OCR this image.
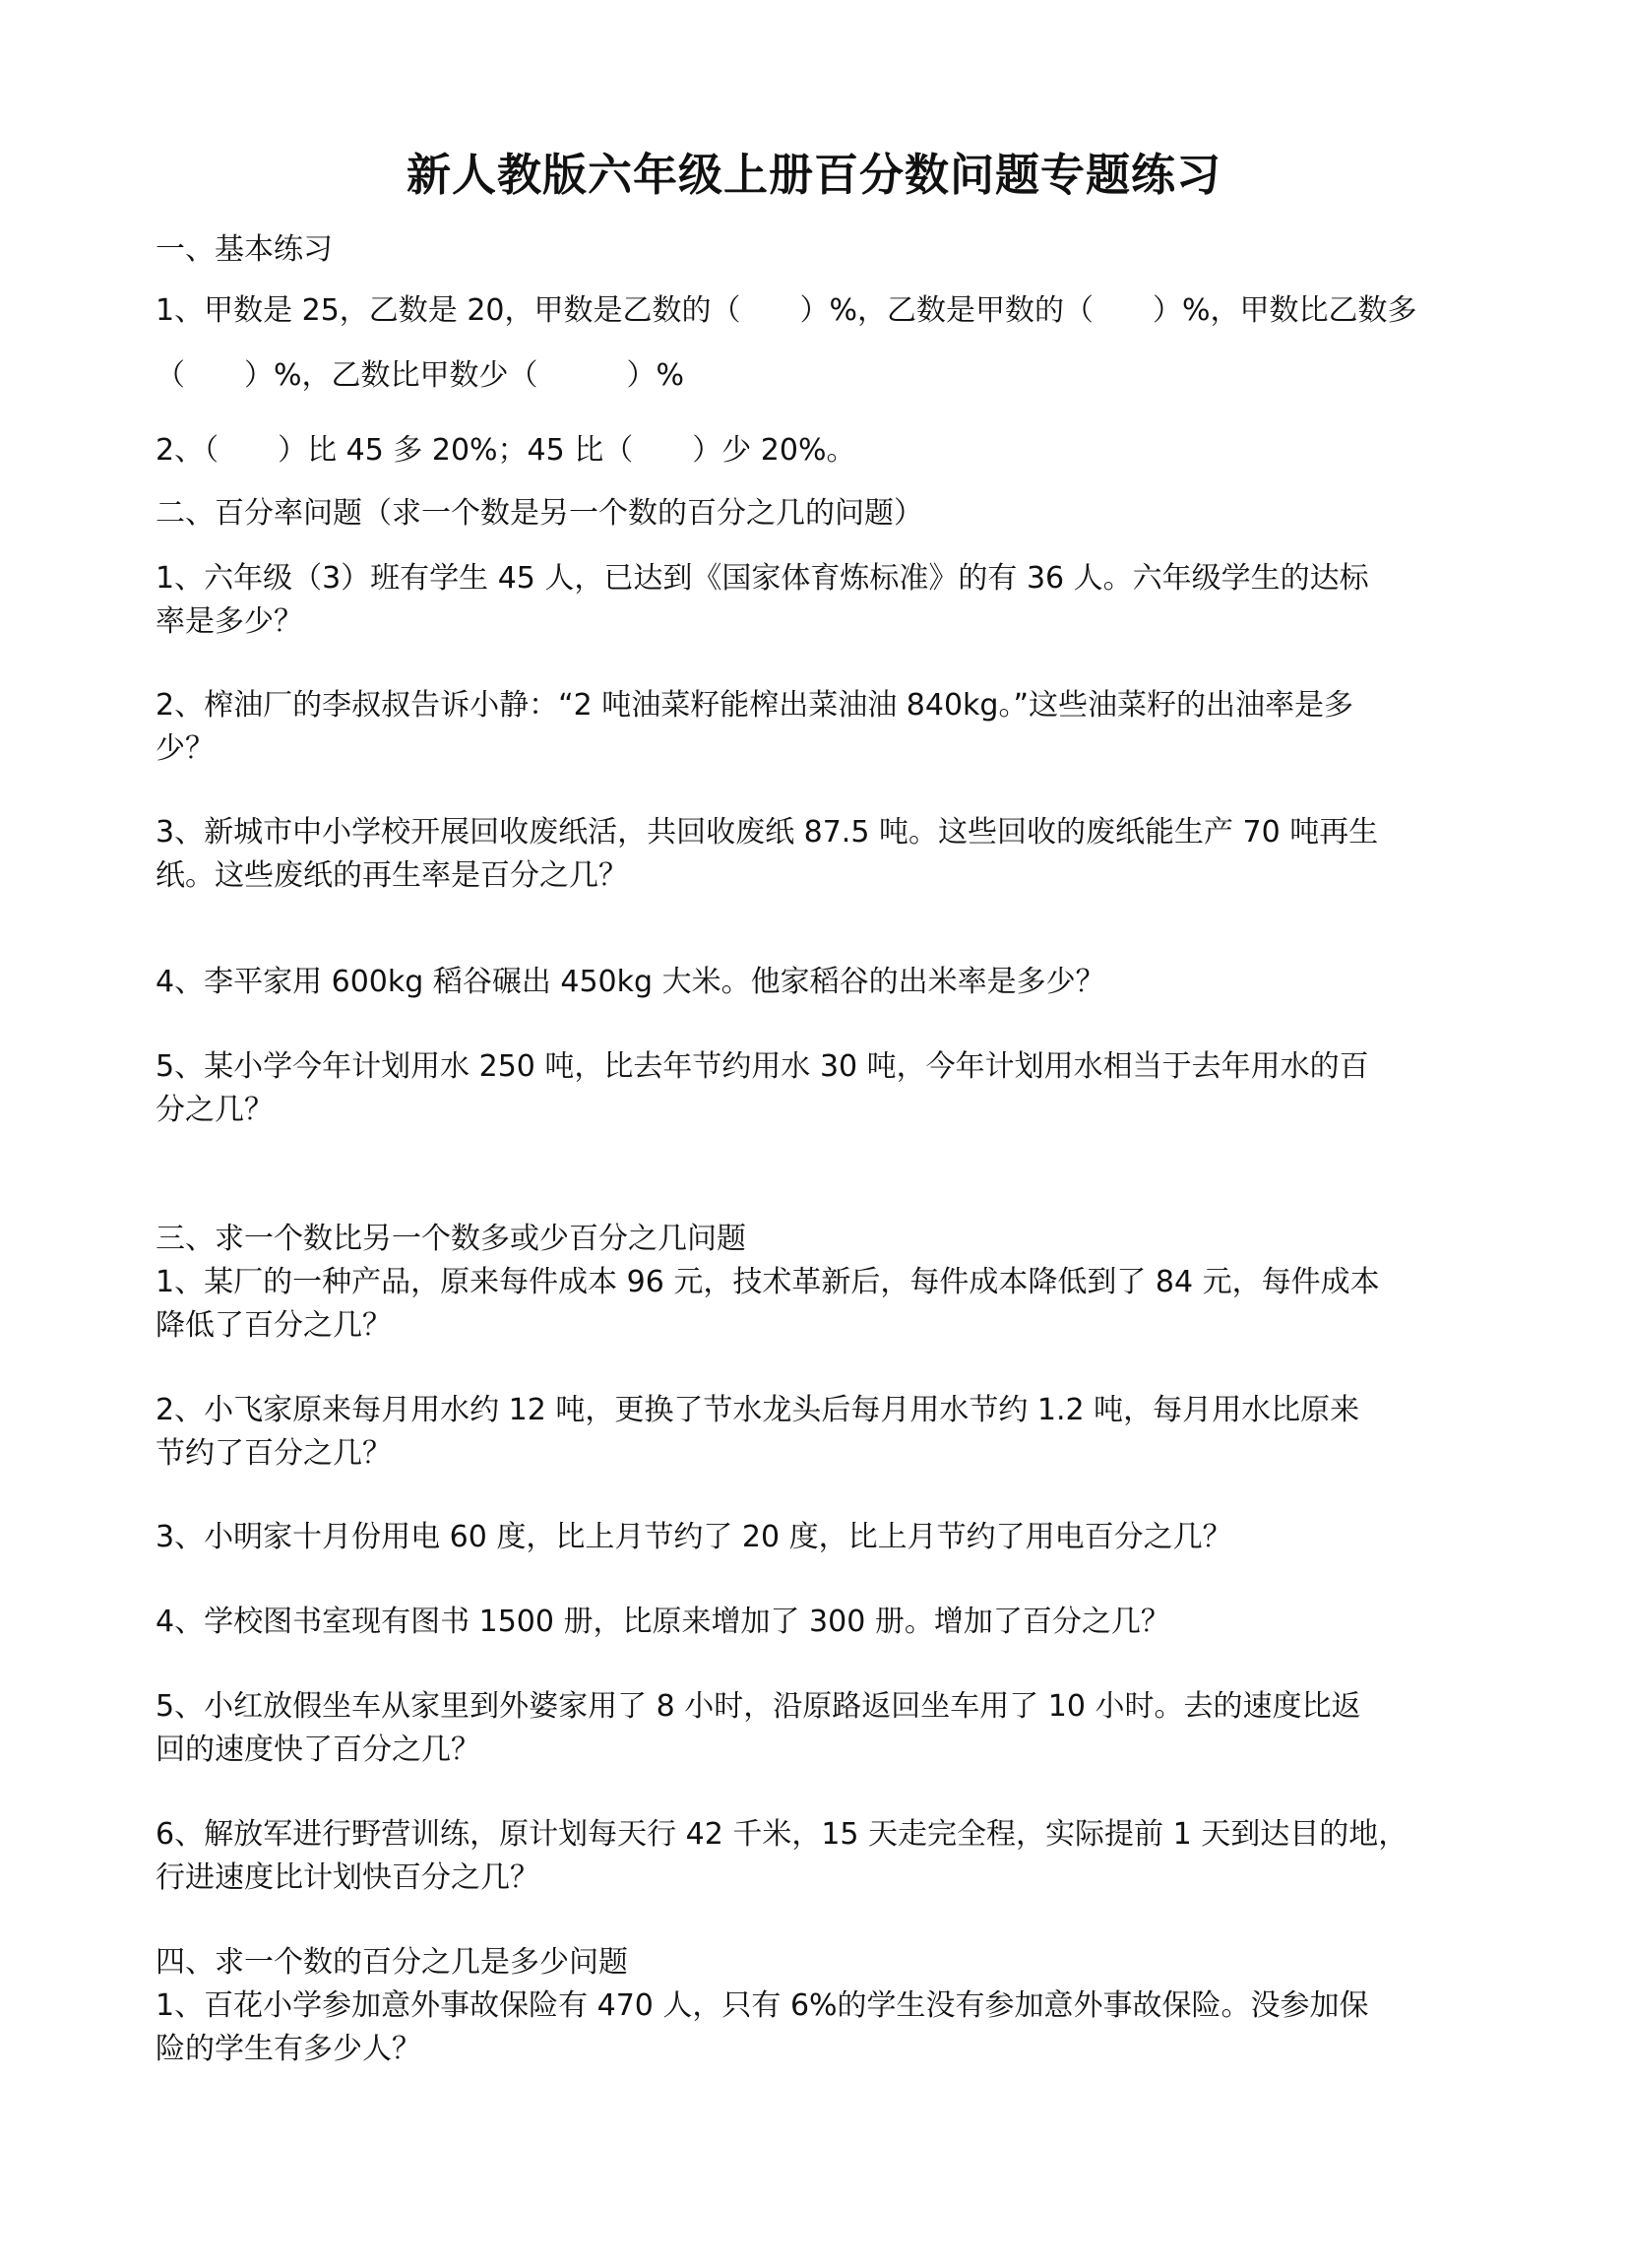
新人教版六年级上册百分数问题专题练习
一、基本练习
1、甲数是 25，乙数是 20，甲数是乙数的（　　）%，乙数是甲数的（　　）%，甲数比乙数多
（　　）%，乙数比甲数少（　　　）%
2、（　　）比 45 多 20%；45 比（　　）少 20%。
二、百分率问题（求一个数是另一个数的百分之几的问题）
1、六年级（3）班有学生 45 人，已达到《国家体育炼标准》的有 36 人。六年级学生的达标
率是多少？
2、榨油厂的李叔叔告诉小静：“2 吨油菜籽能榨出菜油油 840kg。”这些油菜籽的出油率是多
少？
3、新城市中小学校开展回收废纸活，共回收废纸 87.5 吨。这些回收的废纸能生产 70 吨再生
纸。这些废纸的再生率是百分之几？
4、李平家用 600kg 稻谷碾出 450kg 大米。他家稻谷的出米率是多少？
5、某小学今年计划用水 250 吨，比去年节约用水 30 吨，今年计划用水相当于去年用水的百
分之几？
三、求一个数比另一个数多或少百分之几问题
1、某厂的一种产品，原来每件成本 96 元，技术革新后，每件成本降低到了 84 元，每件成本
降低了百分之几？
2、小飞家原来每月用水约 12 吨，更换了节水龙头后每月用水节约 1.2 吨，每月用水比原来
节约了百分之几？
3、小明家十月份用电 60 度，比上月节约了 20 度，比上月节约了用电百分之几？
4、学校图书室现有图书 1500 册，比原来增加了 300 册。增加了百分之几？
5、小红放假坐车从家里到外婆家用了 8 小时，沿原路返回坐车用了 10 小时。去的速度比返
回的速度快了百分之几？
6、解放军进行野营训练，原计划每天行 42 千米，15 天走完全程，实际提前 1 天到达目的地，
行进速度比计划快百分之几？
四、求一个数的百分之几是多少问题
1、百花小学参加意外事故保险有 470 人，只有 6%的学生没有参加意外事故保险。没参加保
险的学生有多少人？
